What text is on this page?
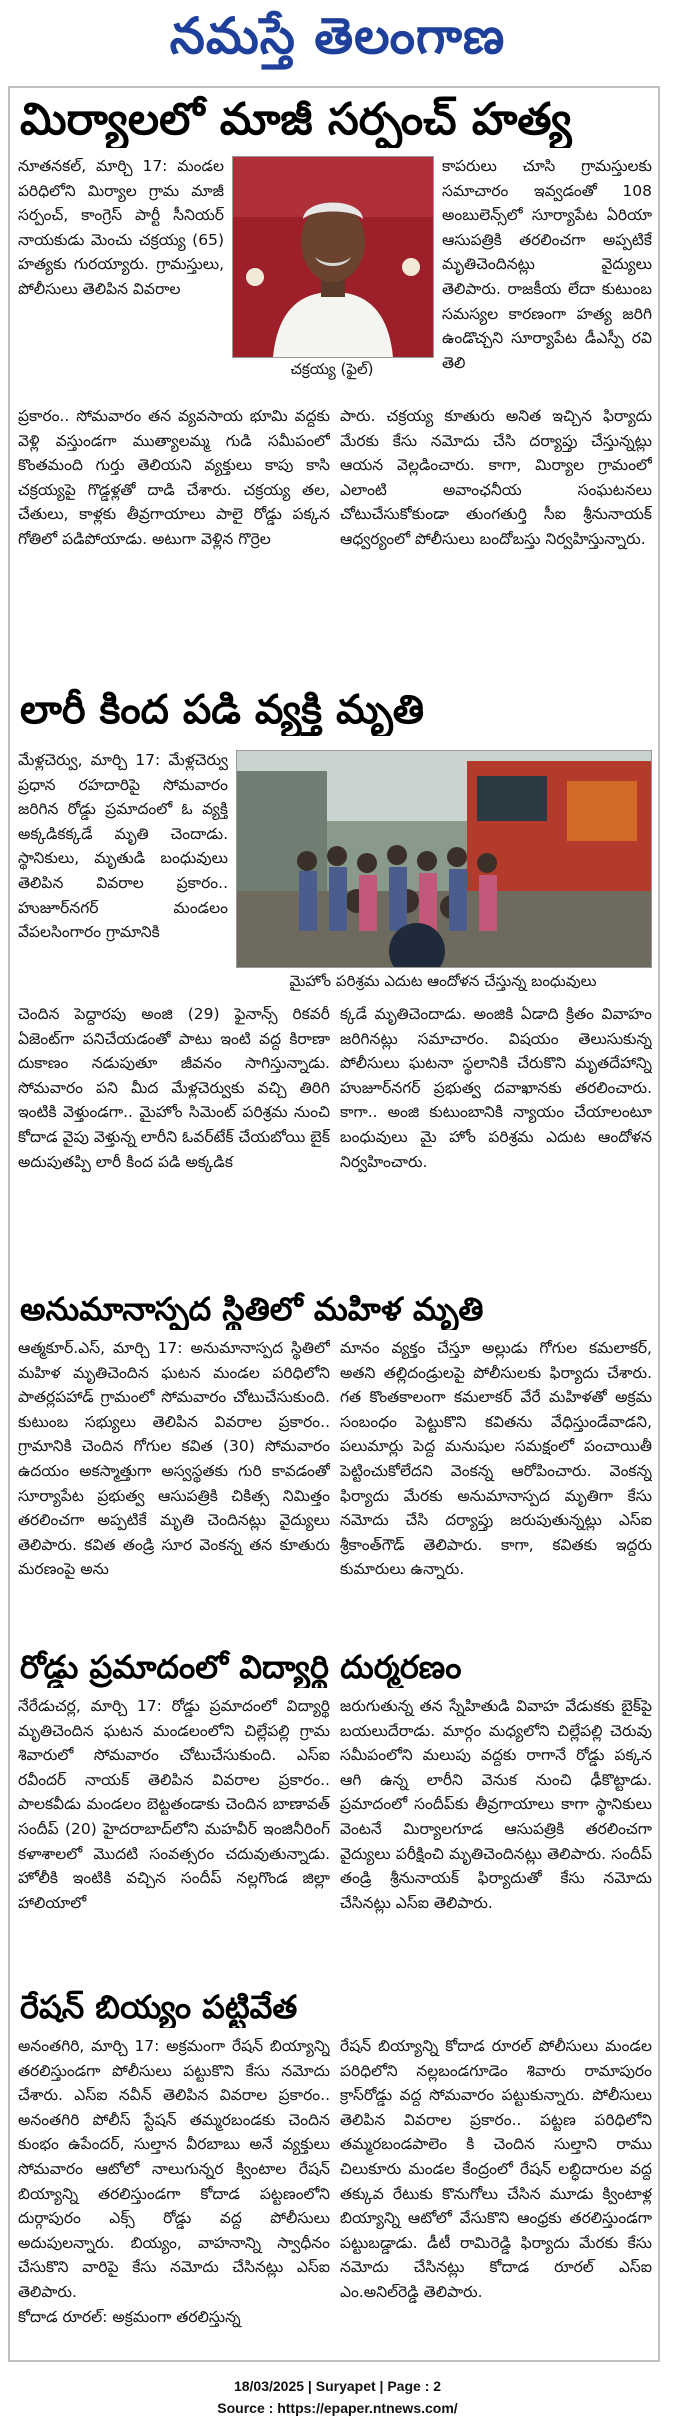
నమస్తే తెలంగాణ
మిర్యాలలో మాజీ సర్పంచ్ హత్య
నూతనకల్, మార్చి 17: మండల పరిధిలోని మిర్యాల గ్రామ మాజీ సర్పంచ్, కాంగ్రెస్ పార్టీ సీనియర్ నాయకుడు మెంచు చక్రయ్య (65) హత్యకు గురయ్యారు. గ్రామస్తులు, పోలీసులు తెలిపిన వివరాల
చక్రయ్య (ఫైల్)
కాపరులు చూసి గ్రామస్తులకు సమాచారం ఇవ్వడంతో 108 అంబులెన్స్‌లో సూర్యాపేట ఏరియా ఆసుపత్రికి తరలించగా అప్పటికే మృతిచెందినట్లు వైద్యులు తెలిపారు. రాజకీయ లేదా కుటుంబ సమస్యల కారణంగా హత్య జరిగి ఉండొచ్చని సూర్యాపేట డీఎస్పీ రవి తెలి
ప్రకారం.. సోమవారం తన వ్యవసాయ భూమి వద్దకు వెళ్లి వస్తుండగా ముత్యాలమ్మ గుడి సమీపంలో కొంతమంది గుర్తు తెలియని వ్యక్తులు కాపు కాసి చక్రయ్యపై గొడ్డళ్లతో దాడి చేశారు. చక్రయ్య తల, చేతులు, కాళ్లకు తీవ్రగాయాలు పాలై రోడ్డు పక్కన గోతిలో పడిపోయాడు. అటుగా వెళ్లిన గొర్రెల
పారు. చక్రయ్య కూతురు అనిత ఇచ్చిన ఫిర్యాదు మేరకు కేసు నమోదు చేసి దర్యాప్తు చేస్తున్నట్లు ఆయన వెల్లడించారు. కాగా, మిర్యాల గ్రామంలో ఎలాంటి అవాంఛనీయ సంఘటనలు చోటుచేసుకోకుండా తుంగతుర్తి సీఐ శ్రీనునాయక్ ఆధ్వర్యంలో పోలీసులు బందోబస్తు నిర్వహిస్తున్నారు.
లారీ కింద పడి వ్యక్తి మృతి
మేళ్లచెర్వు, మార్చి 17: మేళ్లచెర్వు ప్రధాన రహదారిపై సోమవారం జరిగిన రోడ్డు ప్రమాదంలో ఓ వ్యక్తి అక్కడికక్కడే మృతి చెందాడు. స్థానికులు, మృతుడి బంధువులు తెలిపిన వివరాల ప్రకారం.. హుజూర్‌నగర్ మండలం వేపలసింగారం గ్రామానికి
మైహోం పరిశ్రమ ఎదుట ఆందోళన చేస్తున్న బంధువులు
చెందిన పెద్దారపు అంజి (29) ఫైనాన్స్ రికవరీ ఏజెంట్‌గా పనిచేయడంతో పాటు ఇంటి వద్ద కిరాణా దుకాణం నడుపుతూ జీవనం సాగిస్తున్నాడు. సోమవారం పని మీద మేళ్లచెర్వుకు వచ్చి తిరిగి ఇంటికి వెళ్తుండగా.. మైహోం సిమెంట్ పరిశ్రమ నుంచి కోదాడ వైపు వెళ్తున్న లారీని ఓవర్‌టేక్ చేయబోయి బైక్ అదుపుతప్పి లారీ కింద పడి అక్కడిక
క్కడే మృతిచెందాడు. అంజికి ఏడాది క్రితం వివాహం జరిగినట్లు సమాచారం. విషయం తెలుసుకున్న పోలీసులు ఘటనా స్థలానికి చేరుకొని మృతదేహాన్ని హుజూర్‌నగర్ ప్రభుత్వ దవాఖానకు తరలించారు. కాగా.. అంజి కుటుంబానికి న్యాయం చేయాలంటూ బంధువులు మై హోం పరిశ్రమ ఎదుట ఆందోళన నిర్వహించారు.
అనుమానాస్పద స్థితిలో మహిళ మృతి
ఆత్మకూర్.ఎస్, మార్చి 17: అనుమానాస్పద స్థితిలో మహిళ మృతిచెందిన ఘటన మండల పరిధిలోని పాతర్లపహాడ్ గ్రామంలో సోమవారం చోటుచేసుకుంది. కుటుంబ సభ్యులు తెలిపిన వివరాల ప్రకారం.. గ్రామానికి చెందిన గోగుల కవిత (30) సోమవారం ఉదయం అకస్మాత్తుగా అస్వస్థతకు గురి కావడంతో సూర్యాపేట ప్రభుత్వ ఆసుపత్రికి చికిత్స నిమిత్తం తరలించగా అప్పటికే మృతి చెందినట్లు వైద్యులు తెలిపారు. కవిత తండ్రి సూర వెంకన్న తన కూతురు మరణంపై అను
మానం వ్యక్తం చేస్తూ అల్లుడు గోగుల కమలాకర్, అతని తల్లిదండ్రులపై పోలీసులకు ఫిర్యాదు చేశారు. గత కొంతకాలంగా కమలాకర్ వేరే మహిళతో అక్రమ సంబంధం పెట్టుకొని కవితను వేధిస్తుండేవాడని, పలుమార్లు పెద్ద మనుషుల సమక్షంలో పంచాయితీ పెట్టించుకోలేదని వెంకన్న ఆరోపించారు. వెంకన్న ఫిర్యాదు మేరకు అనుమానాస్పద మృతిగా కేసు నమోదు చేసి దర్యాప్తు జరుపుతున్నట్లు ఎస్ఐ శ్రీకాంత్‌గౌడ్ తెలిపారు. కాగా, కవితకు ఇద్దరు కుమారులు ఉన్నారు.
రోడ్డు ప్రమాదంలో విద్యార్థి దుర్మరణం
నేరేడుచర్ల, మార్చి 17: రోడ్డు ప్రమాదంలో విద్యార్థి మృతిచెందిన ఘటన మండలంలోని చిల్లేపల్లి గ్రామ శివారులో సోమవారం చోటుచేసుకుంది. ఎస్ఐ రవీందర్ నాయక్ తెలిపిన వివరాల ప్రకారం.. పాలకవీడు మండలం బెట్టతండాకు చెందిన బాణావత్ సందీప్ (20) హైదరాబాద్‌లోని మహవీర్ ఇంజినీరింగ్ కళాశాలలో మొదటి సంవత్సరం చదువుతున్నాడు. హోలీకి ఇంటికి వచ్చిన సందీప్ నల్లగొండ జిల్లా హాలియాలో
జరుగుతున్న తన స్నేహితుడి వివాహ వేడుకకు బైక్‌పై బయలుదేరాడు. మార్గం మధ్యలోని చిల్లేపల్లి చెరువు సమీపంలోని మలుపు వద్దకు రాగానే రోడ్డు పక్కన ఆగి ఉన్న లారీని వెనుక నుంచి ఢీకొట్టాడు. ప్రమాదంలో సందీప్‌కు తీవ్రగాయాలు కాగా స్థానికులు వెంటనే మిర్యాలగూడ ఆసుపత్రికి తరలించగా వైద్యులు పరీక్షించి మృతిచెందినట్లు తెలిపారు. సందీప్ తండ్రి శ్రీనునాయక్ ఫిర్యాదుతో కేసు నమోదు చేసినట్లు ఎస్ఐ తెలిపారు.
రేషన్ బియ్యం పట్టివేత
అనంతగిరి, మార్చి 17: అక్రమంగా రేషన్ బియ్యాన్ని తరలిస్తుండగా పోలీసులు పట్టుకొని కేసు నమోదు చేశారు. ఎస్ఐ నవీన్ తెలిపిన వివరాల ప్రకారం.. అనంతగిరి పోలీస్ స్టేషన్ తమ్మరబండకు చెందిన కుంభం ఉపేందర్, సుల్తాన వీరబాబు అనే వ్యక్తులు సోమవారం ఆటోలో నాలుగున్నర క్వింటాల రేషన్ బియ్యాన్ని తరలిస్తుండగా కోదాడ పట్టణంలోని దుర్గాపురం ఎక్స్ రోడ్డు వద్ద పోలీసులు అదుపులన్నారు. బియ్యం, వాహనాన్ని స్వాధీనం చేసుకొని వారిపై కేసు నమోదు చేసినట్లు ఎస్ఐ తెలిపారు.
కోదాడ రూరల్: అక్రమంగా తరలిస్తున్న
రేషన్ బియ్యాన్ని కోదాడ రూరల్ పోలీసులు మండల పరిధిలోని నల్లబండగూడెం శివారు రామాపురం క్రాస్‌రోడ్డు వద్ద సోమవారం పట్టుకున్నారు. పోలీసులు తెలిపిన వివరాల ప్రకారం.. పట్టణ పరిధిలోని తమ్మరబండపాలెం కి చెందిన సుల్తాని రాము చిలుకూరు మండల కేంద్రంలో రేషన్ లబ్ధిదారుల వద్ద తక్కువ రేటుకు కొనుగోలు చేసిన మూడు క్వింటాళ్ల బియ్యాన్ని ఆటోలో వేసుకొని ఆంధ్రకు తరలిస్తుండగా పట్టుబడ్డాడు. డీటీ రామిరెడ్డి ఫిర్యాదు మేరకు కేసు నమోదు చేసినట్లు కోదాడ రూరల్ ఎస్ఐ ఎం.అనిల్‌రెడ్డి తెలిపారు.
18/03/2025 | Suryapet | Page : 2
Source : https://epaper.ntnews.com/
